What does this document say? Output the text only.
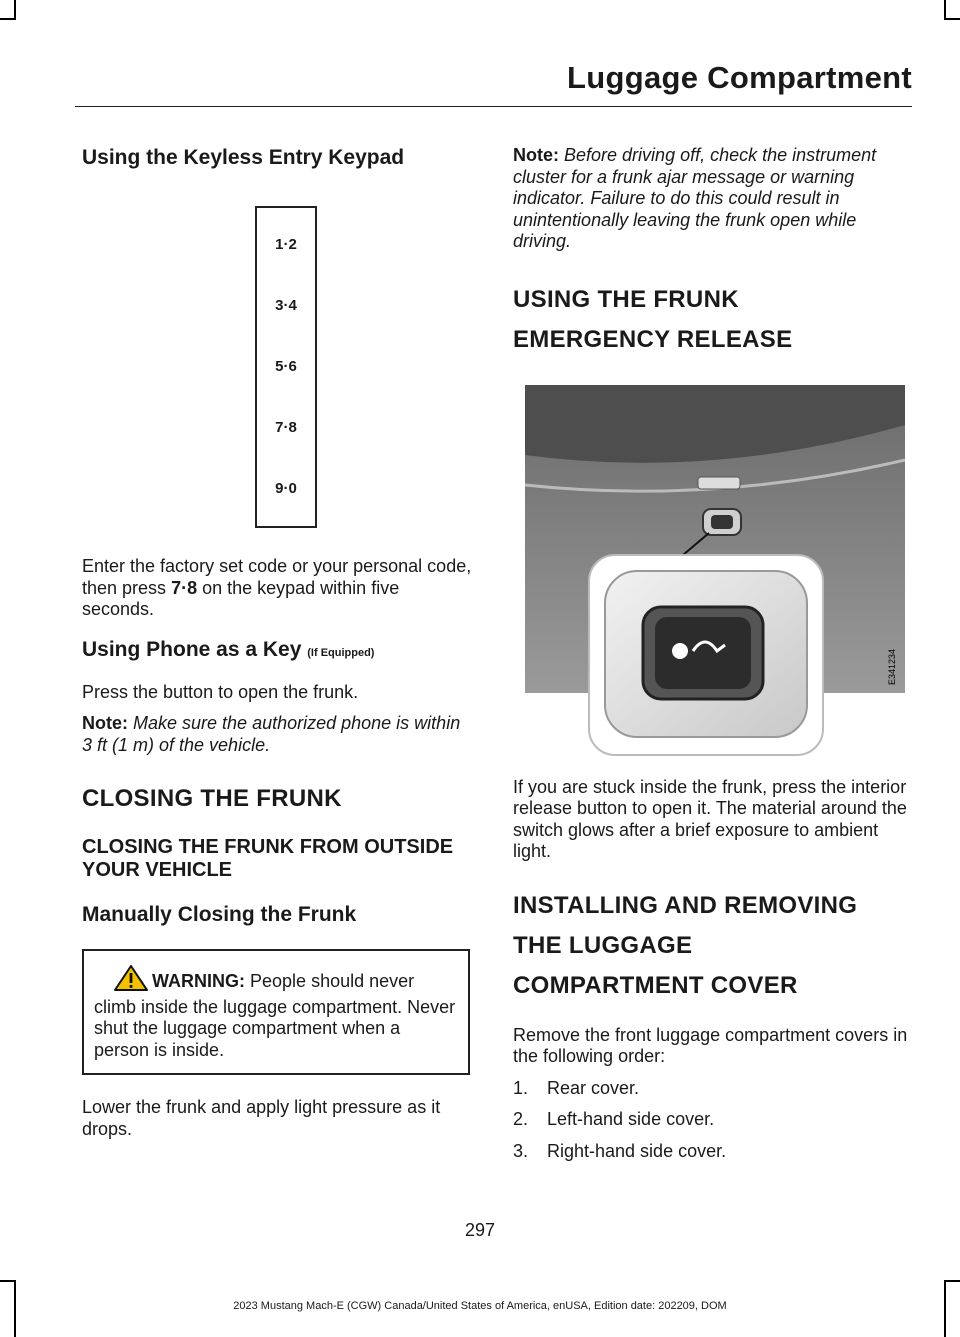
Luggage Compartment
Using the Keyless Entry Keypad
1·2
3·4
5·6
7·8
9·0

Enter the factory set code or your personal code, then press 7·8 on the keypad within five seconds.

Using Phone as a Key (If Equipped)

Press the button to open the frunk.

Note: Make sure the authorized phone is within 3 ft (1 m) of the vehicle.

CLOSING THE FRUNK
CLOSING THE FRUNK FROM OUTSIDE YOUR VEHICLE
Manually Closing the Frunk

WARNING: People should never climb inside the luggage compartment. Never shut the luggage compartment when a person is inside.

Lower the frunk and apply light pressure as it drops.

Note: Before driving off, check the instrument cluster for a frunk ajar message or warning indicator. Failure to do this could result in unintentionally leaving the frunk open while driving.

USING THE FRUNK
EMERGENCY RELEASE
E341234

If you are stuck inside the frunk, press the interior release button to open it. The material around the switch glows after a brief exposure to ambient light.

INSTALLING AND REMOVING
THE LUGGAGE
COMPARTMENT COVER

Remove the front luggage compartment covers in the following order:

1. Rear cover.
2. Left-hand side cover.
3. Right-hand side cover.
297
2023 Mustang Mach-E (CGW) Canada/United States of America, enUSA, Edition date: 202209, DOM
